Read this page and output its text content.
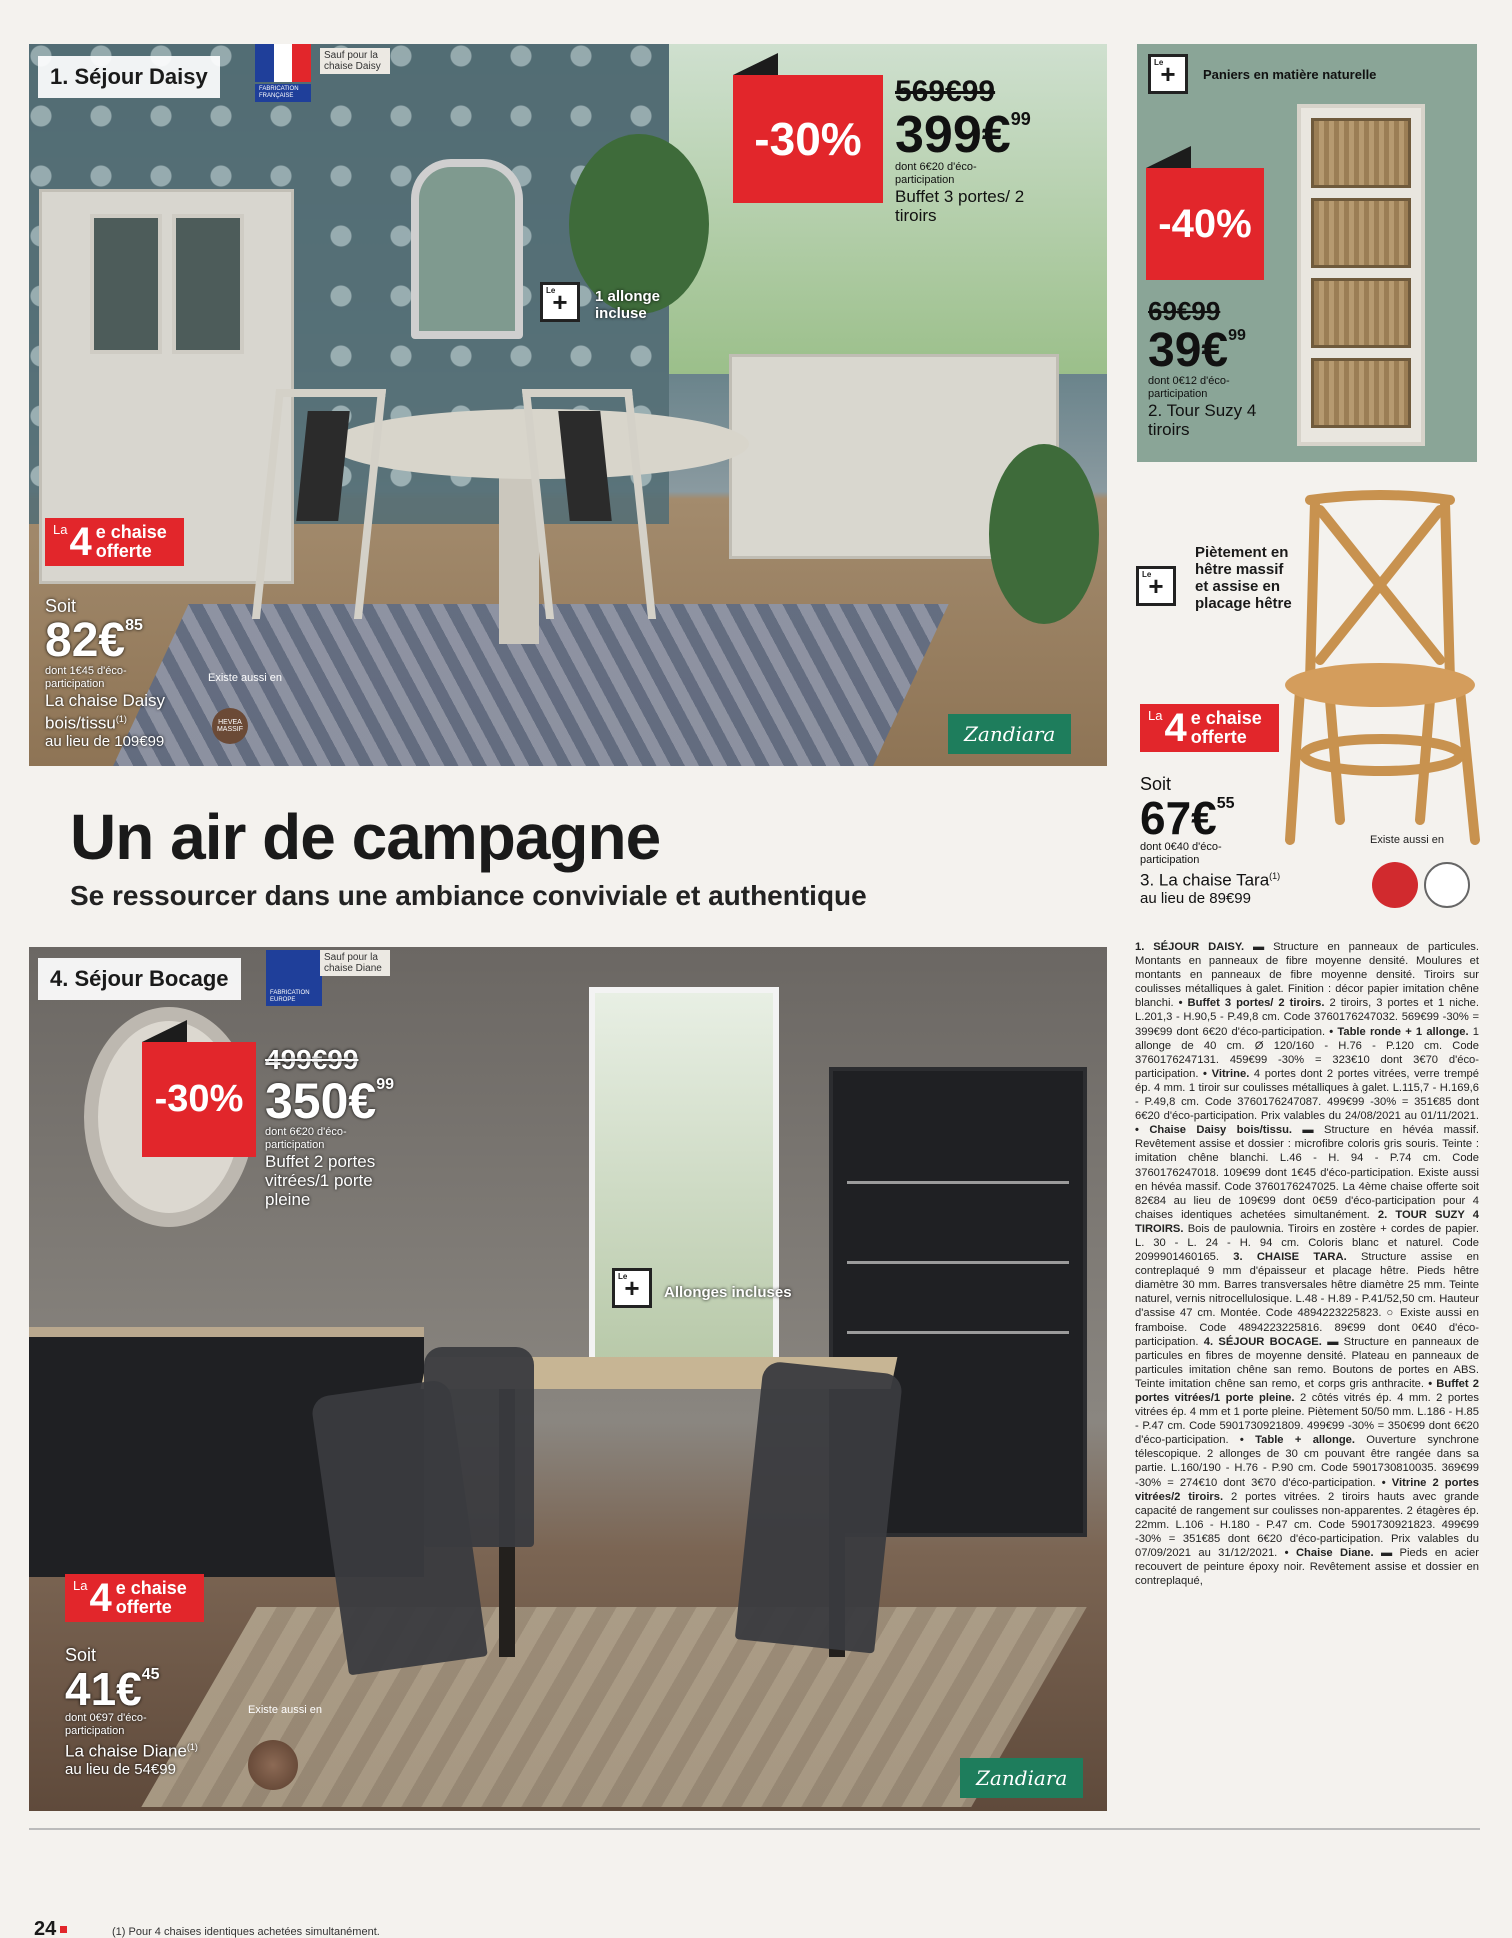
1. Séjour Daisy	FABRICATION FRANÇAISE
Sauf pour la chaise Daisy
-30%
569€99
399€99
dont 6€20 d'éco-participation
Buffet 3 portes/ 2 tiroirs
Le
+	1 allonge incluse
La 4 e chaise offerte
Soit
82€85
dont 1€45 d'éco-participation
La chaise Daisy bois/tissu$^{(1)}$
au lieu de 109€99
Existe aussi en
HEVEA MASSIF	Zandiara
Le
+	Paniers en matière naturelle
-40%
69€99
39€99
dont 0€12 d'éco-participation
2. Tour Suzy 4 tiroirs
Le
+
Piètement en hêtre massif et assise en placage hêtre
La 4 e chaise offerte
Soit
67€55
dont 0€40 d'éco-participation
3. La chaise Tara$^{(1)}$
au lieu de 89€99
Existe aussi en
Un air de campagne
Se ressourcer dans une ambiance conviviale et authentique
4. Séjour Bocage
FABRICATION EUROPE
Sauf pour la chaise Diane
-30%
499€99
350€99
dont 6€20 d'éco-participation
Buffet 2 portes vitrées/1 porte pleine
Le
+	Allonges incluses
La 4 e chaise offerte
Soit
41€45
dont 0€97 d'éco-participation
La chaise Diane$^{(1)}$
au lieu de 54€99
Existe aussi en
Zandiara

1. SÉJOUR DAISY. ▬ Structure en panneaux de particules. Montants en panneaux de fibre moyenne densité. Moulures et montants en panneaux de fibre moyenne densité. Tiroirs sur coulisses métalliques à galet. Finition : décor papier imitation chêne blanchi. • Buffet 3 portes/ 2 tiroirs. 2 tiroirs, 3 portes et 1 niche. L.201,3 - H.90,5 - P.49,8 cm. Code 3760176247032. 569€99 -30% = 399€99 dont 6€20 d'éco-participation. • Table ronde + 1 allonge. 1 allonge de 40 cm. Ø 120/160 - H.76 - P.120 cm. Code 3760176247131. 459€99 -30% = 323€10 dont 3€70 d'éco-participation. • Vitrine. 4 portes dont 2 portes vitrées, verre trempé ép. 4 mm. 1 tiroir sur coulisses métalliques à galet. L.115,7 - H.169,6 - P.49,8 cm. Code 3760176247087. 499€99 -30% = 351€85 dont 6€20 d'éco-participation. Prix valables du 24/08/2021 au 01/11/2021. • Chaise Daisy bois/tissu. ▬ Structure en hévéa massif. Revêtement assise et dossier : microfibre coloris gris souris. Teinte : imitation chêne blanchi. L.46 - H. 94 - P.74 cm. Code 3760176247018. 109€99 dont 1€45 d'éco-participation. Existe aussi en hévéa massif. Code 3760176247025. La 4ème chaise offerte soit 82€84 au lieu de 109€99 dont 0€59 d'éco-participation pour 4 chaises identiques achetées simultanément. 2. TOUR SUZY 4 TIROIRS. Bois de paulownia. Tiroirs en zostère + cordes de papier. L. 30 - L. 24 - H. 94 cm. Coloris blanc et naturel. Code 2099901460165. 3. CHAISE TARA. Structure assise en contreplaqué 9 mm d'épaisseur et placage hêtre. Pieds hêtre diamètre 30 mm. Barres transversales hêtre diamètre 25 mm. Teinte naturel, vernis nitrocellulosique. L.48 - H.89 - P.41/52,50 cm. Hauteur d'assise 47 cm. Montée. Code 4894223225823. ○ Existe aussi en framboise. Code 4894223225816. 89€99 dont 0€40 d'éco-participation. 4. SÉJOUR BOCAGE. ▬ Structure en panneaux de particules en fibres de moyenne densité. Plateau en panneaux de particules imitation chêne san remo. Boutons de portes en ABS. Teinte imitation chêne san remo, et corps gris anthracite. • Buffet 2 portes vitrées/1 porte pleine. 2 côtés vitrés ép. 4 mm. 2 portes vitrées ép. 4 mm et 1 porte pleine. Piètement 50/50 mm. L.186 - H.85 - P.47 cm. Code 5901730921809. 499€99 -30% = 350€99 dont 6€20 d'éco-participation. • Table + allonge. Ouverture synchrone télescopique. 2 allonges de 30 cm pouvant être rangée dans sa partie. L.160/190 - H.76 - P.90 cm. Code 5901730810035. 369€99 -30% = 274€10 dont 3€70 d'éco-participation. • Vitrine 2 portes vitrées/2 tiroirs. 2 portes vitrées. 2 tiroirs hauts avec grande capacité de rangement sur coulisses non-apparentes. 2 étagères ép. 22mm. L.106 - H.180 - P.47 cm. Code 5901730921823. 499€99 -30% = 351€85 dont 6€20 d'éco-participation. Prix valables du 07/09/2021 au 31/12/2021. • Chaise Diane. ▬ Pieds en acier recouvert de peinture époxy noir. Revêtement assise et dossier en contreplaqué,

24	(1) Pour 4 chaises identiques achetées simultanément.
